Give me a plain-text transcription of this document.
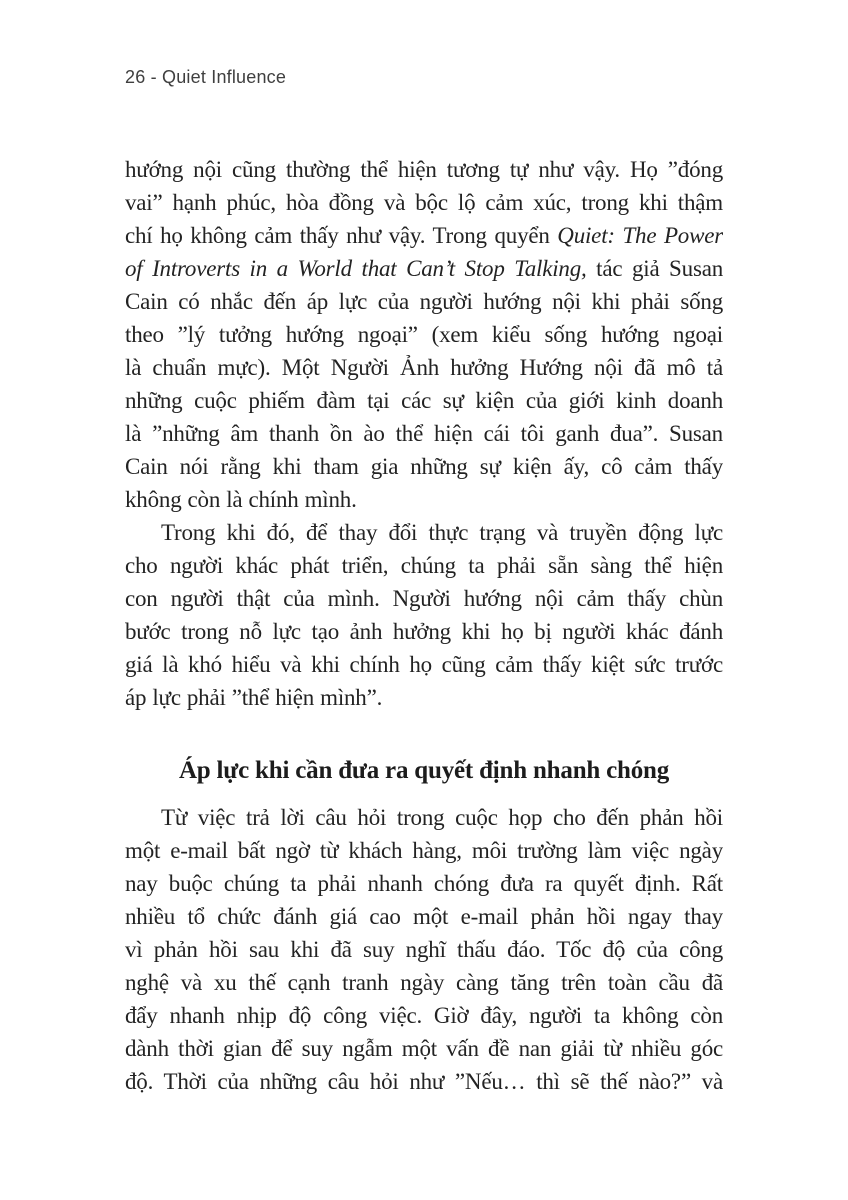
26 - Quiet Influence
hướng nội cũng thường thể hiện tương tự như vậy. Họ ”đóng
vai” hạnh phúc, hòa đồng và bộc lộ cảm xúc, trong khi thậm
chí họ không cảm thấy như vậy. Trong quyển Quiet: The Power
of Introverts in a World that Can’t Stop Talking, tác giả Susan
Cain có nhắc đến áp lực của người hướng nội khi phải sống
theo ”lý tưởng hướng ngoại” (xem kiểu sống hướng ngoại
là chuẩn mực). Một Người Ảnh hưởng Hướng nội đã mô tả
những cuộc phiếm đàm tại các sự kiện của giới kinh doanh
là ”những âm thanh ồn ào thể hiện cái tôi ganh đua”. Susan
Cain nói rằng khi tham gia những sự kiện ấy, cô cảm thấy
không còn là chính mình.
Trong khi đó, để thay đổi thực trạng và truyền động lực
cho người khác phát triển, chúng ta phải sẵn sàng thể hiện
con người thật của mình. Người hướng nội cảm thấy chùn
bước trong nỗ lực tạo ảnh hưởng khi họ bị người khác đánh
giá là khó hiểu và khi chính họ cũng cảm thấy kiệt sức trước
áp lực phải ”thể hiện mình”.
Áp lực khi cần đưa ra quyết định nhanh chóng
Từ việc trả lời câu hỏi trong cuộc họp cho đến phản hồi
một e-mail bất ngờ từ khách hàng, môi trường làm việc ngày
nay buộc chúng ta phải nhanh chóng đưa ra quyết định. Rất
nhiều tổ chức đánh giá cao một e-mail phản hồi ngay thay
vì phản hồi sau khi đã suy nghĩ thấu đáo. Tốc độ của công
nghệ và xu thế cạnh tranh ngày càng tăng trên toàn cầu đã
đẩy nhanh nhịp độ công việc. Giờ đây, người ta không còn
dành thời gian để suy ngẫm một vấn đề nan giải từ nhiều góc
độ. Thời của những câu hỏi như ”Nếu… thì sẽ thế nào?” và
